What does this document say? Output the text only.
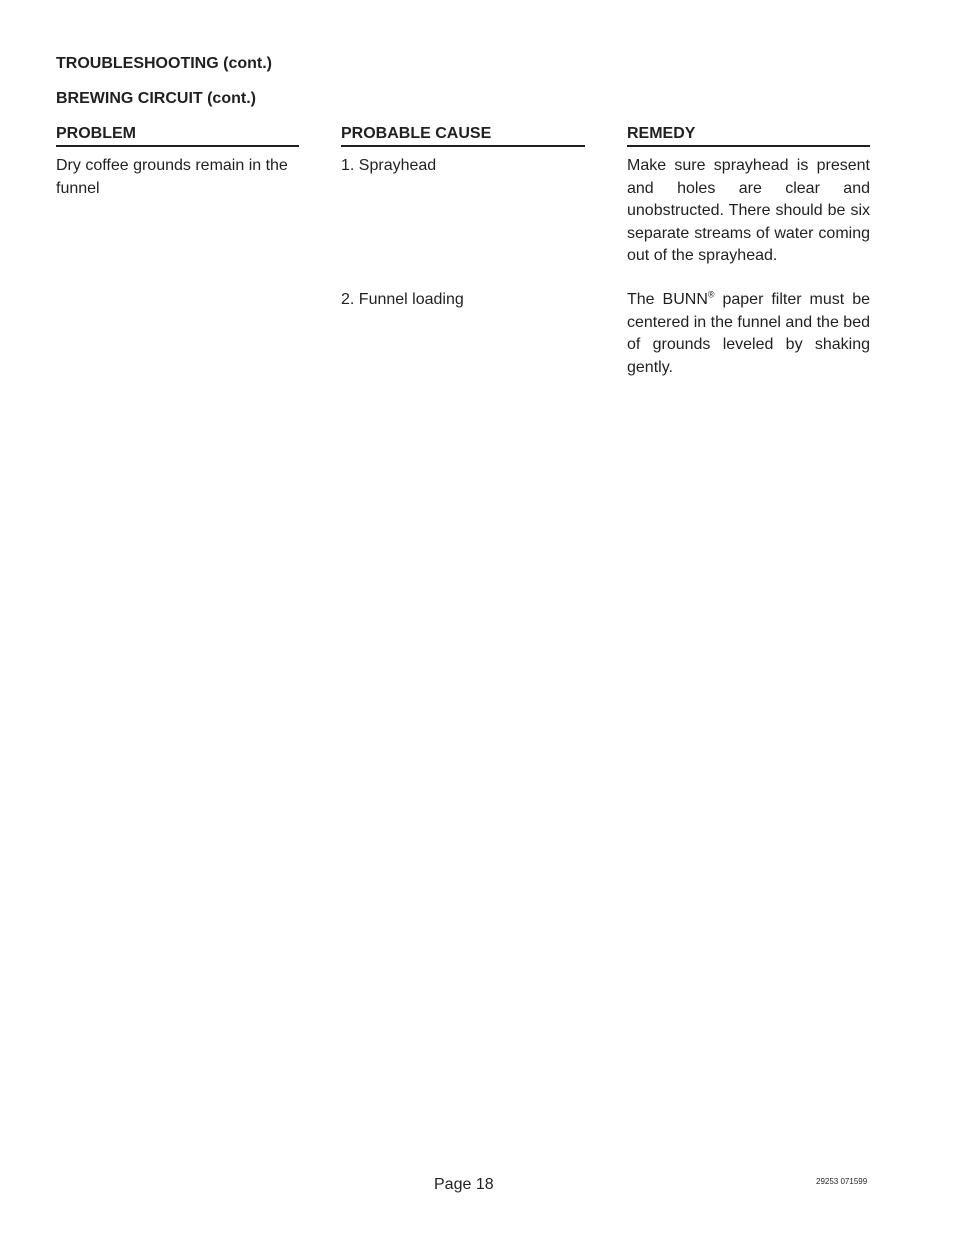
TROUBLESHOOTING (cont.)
BREWING CIRCUIT (cont.)
PROBLEM
Dry coffee grounds remain in the funnel
PROBABLE CAUSE
1. Sprayhead
2. Funnel loading
REMEDY
Make sure sprayhead is present and holes are clear and unobstructed. There should be six separate streams of water coming out of the sprayhead.
The BUNN® paper filter must be centered in the funnel and the bed of grounds leveled by shaking gently.
Page 18	29253 071599
